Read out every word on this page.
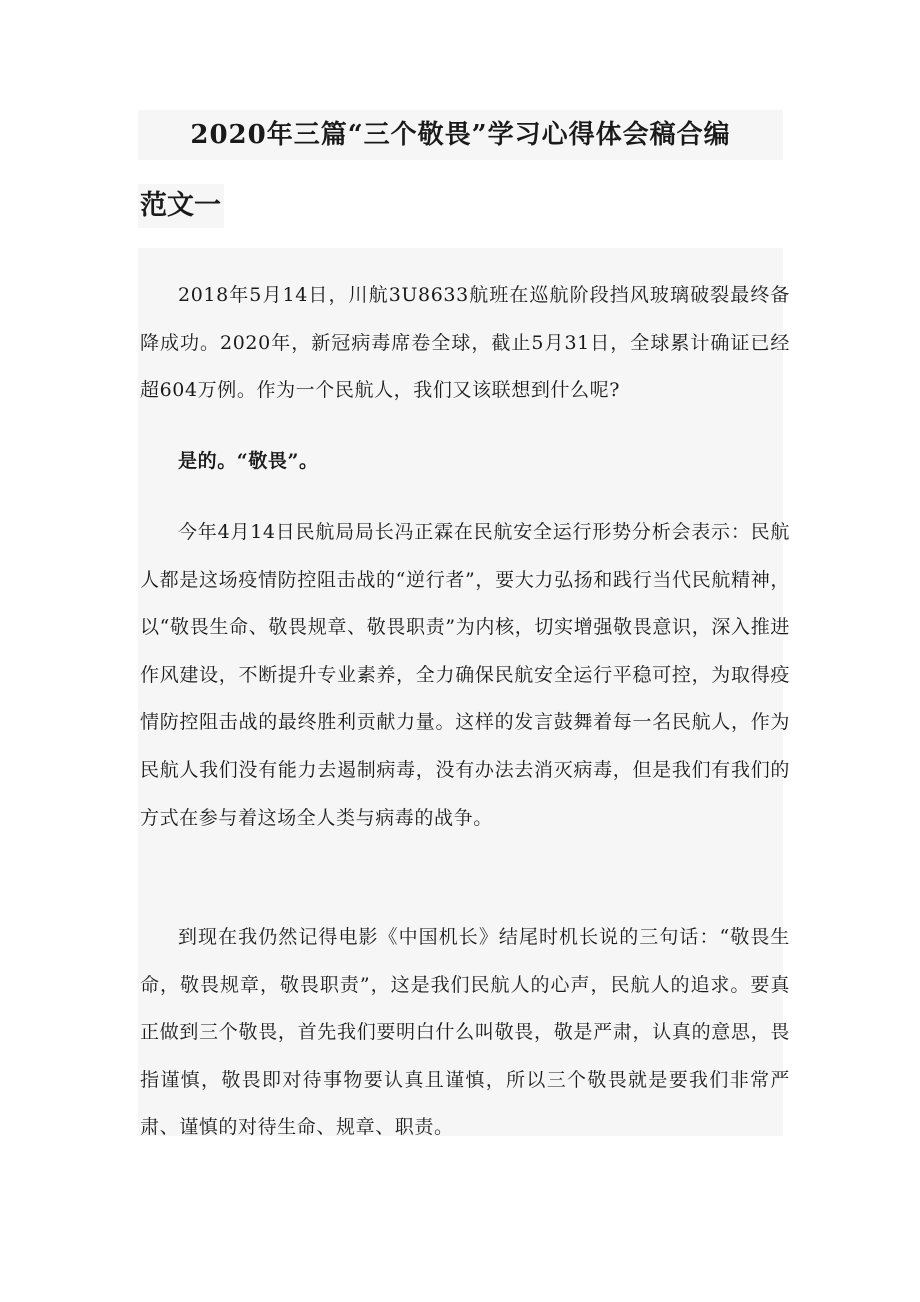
2020年三篇“三个敬畏”学习心得体会稿合编
范文一

2018年5月14日，川航3U8633航班在巡航阶段挡风玻璃破裂最终备降成功。2020年，新冠病毒席卷全球，截止5月31日，全球累计确证已经超604万例。作为一个民航人，我们又该联想到什么呢?

是的。“敬畏”。

今年4月14日民航局局长冯正霖在民航安全运行形势分析会表示：民航人都是这场疫情防控阻击战的“逆行者”，要大力弘扬和践行当代民航精神，以“敬畏生命、敬畏规章、敬畏职责”为内核，切实增强敬畏意识，深入推进作风建设，不断提升专业素养，全力确保民航安全运行平稳可控，为取得疫情防控阻击战的最终胜利贡献力量。这样的发言鼓舞着每一名民航人，作为民航人我们没有能力去遏制病毒，没有办法去消灭病毒，但是我们有我们的方式在参与着这场全人类与病毒的战争。

到现在我仍然记得电影《中国机长》结尾时机长说的三句话：“敬畏生命，敬畏规章，敬畏职责”，这是我们民航人的心声，民航人的追求。要真正做到三个敬畏，首先我们要明白什么叫敬畏，敬是严肃，认真的意思，畏指谨慎，敬畏即对待事物要认真且谨慎，所以三个敬畏就是要我们非常严肃、谨慎的对待生命、规章、职责。
